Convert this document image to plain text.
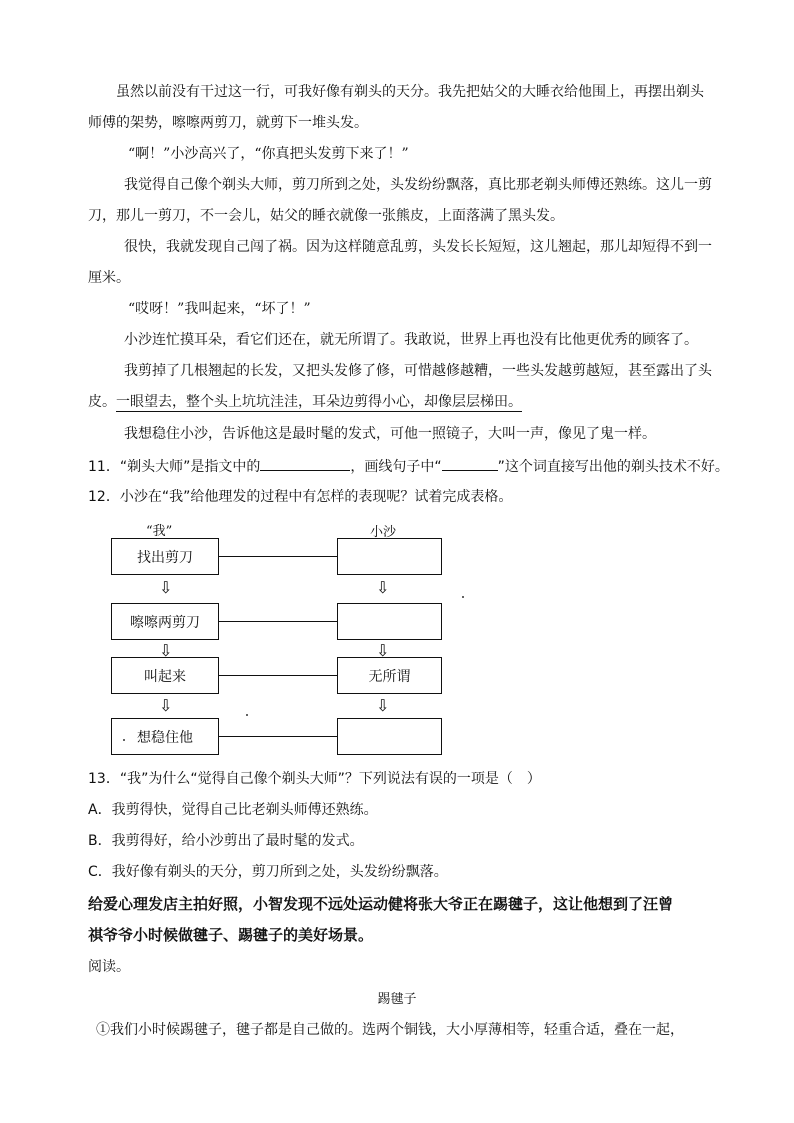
虽然以前没有干过这一行，可我好像有剃头的天分。我先把姑父的大睡衣给他围上，再摆出剃头
师傅的架势，嚓嚓两剪刀，就剪下一堆头发。
“啊！”小沙高兴了，“你真把头发剪下来了！”
我觉得自己像个剃头大师，剪刀所到之处，头发纷纷飘落，真比那老剃头师傅还熟练。这儿一剪
刀，那儿一剪刀，不一会儿，姑父的睡衣就像一张熊皮，上面落满了黑头发。
很快，我就发现自己闯了祸。因为这样随意乱剪，头发长长短短，这儿翘起，那儿却短得不到一
厘米。
“哎呀！”我叫起来，“坏了！”
小沙连忙摸耳朵，看它们还在，就无所谓了。我敢说，世界上再也没有比他更优秀的顾客了。
我剪掉了几根翘起的长发，又把头发修了修，可惜越修越糟，一些头发越剪越短，甚至露出了头
皮。一眼望去，整个头上坑坑洼洼，耳朵边剪得小心，却像层层梯田。
我想稳住小沙，告诉他这是最时髦的发式，可他一照镜子，大叫一声，像见了鬼一样。
11．“剃头大师”是指文中的	，画线句子中“	”这个词直接写出他的剃头技术不好。
12．小沙在“我”给他理发的过程中有怎样的表现呢？试着完成表格。
“我”	小沙
找出剪刀
⇩	⇩
嚓嚓两剪刀
⇩	⇩
叫起来	无所谓
⇩	⇩
想稳住他
13．“我”为什么“觉得自己像个剃头大师”？下列说法有误的一项是（　）
A．我剪得快，觉得自己比老剃头师傅还熟练。
B．我剪得好，给小沙剪出了最时髦的发式。
C．我好像有剃头的天分，剪刀所到之处，头发纷纷飘落。
给爱心理发店主拍好照，小智发现不远处运动健将张大爷正在踢毽子，这让他想到了汪曾
祺爷爷小时候做毽子、踢毽子的美好场景。
阅读。
踢毽子
①我们小时候踢毽子，毽子都是自己做的。选两个铜钱，大小厚薄相等，轻重合适，叠在一起，
